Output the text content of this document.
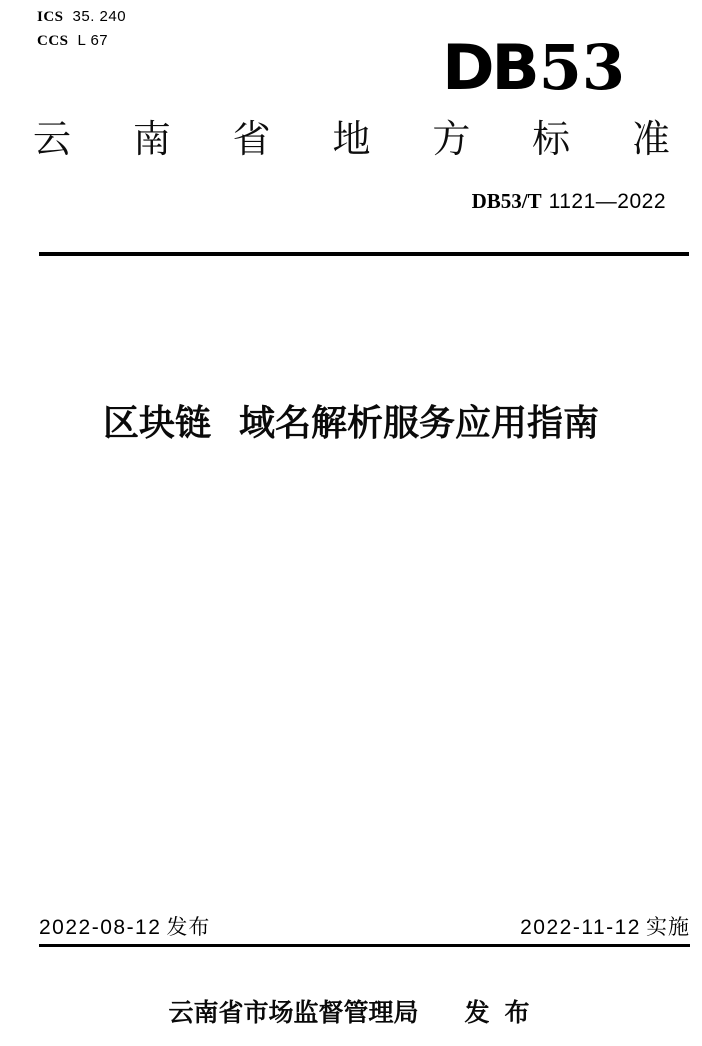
ICS 35. 240
CCS L 67	DB53
云 南 省 地 方 标 准
DB53/T 1121—2022
区块链 域名解析服务应用指南
2022-08-12 发布	2022-11-12 实施
云南省市场监督管理局 发 布
